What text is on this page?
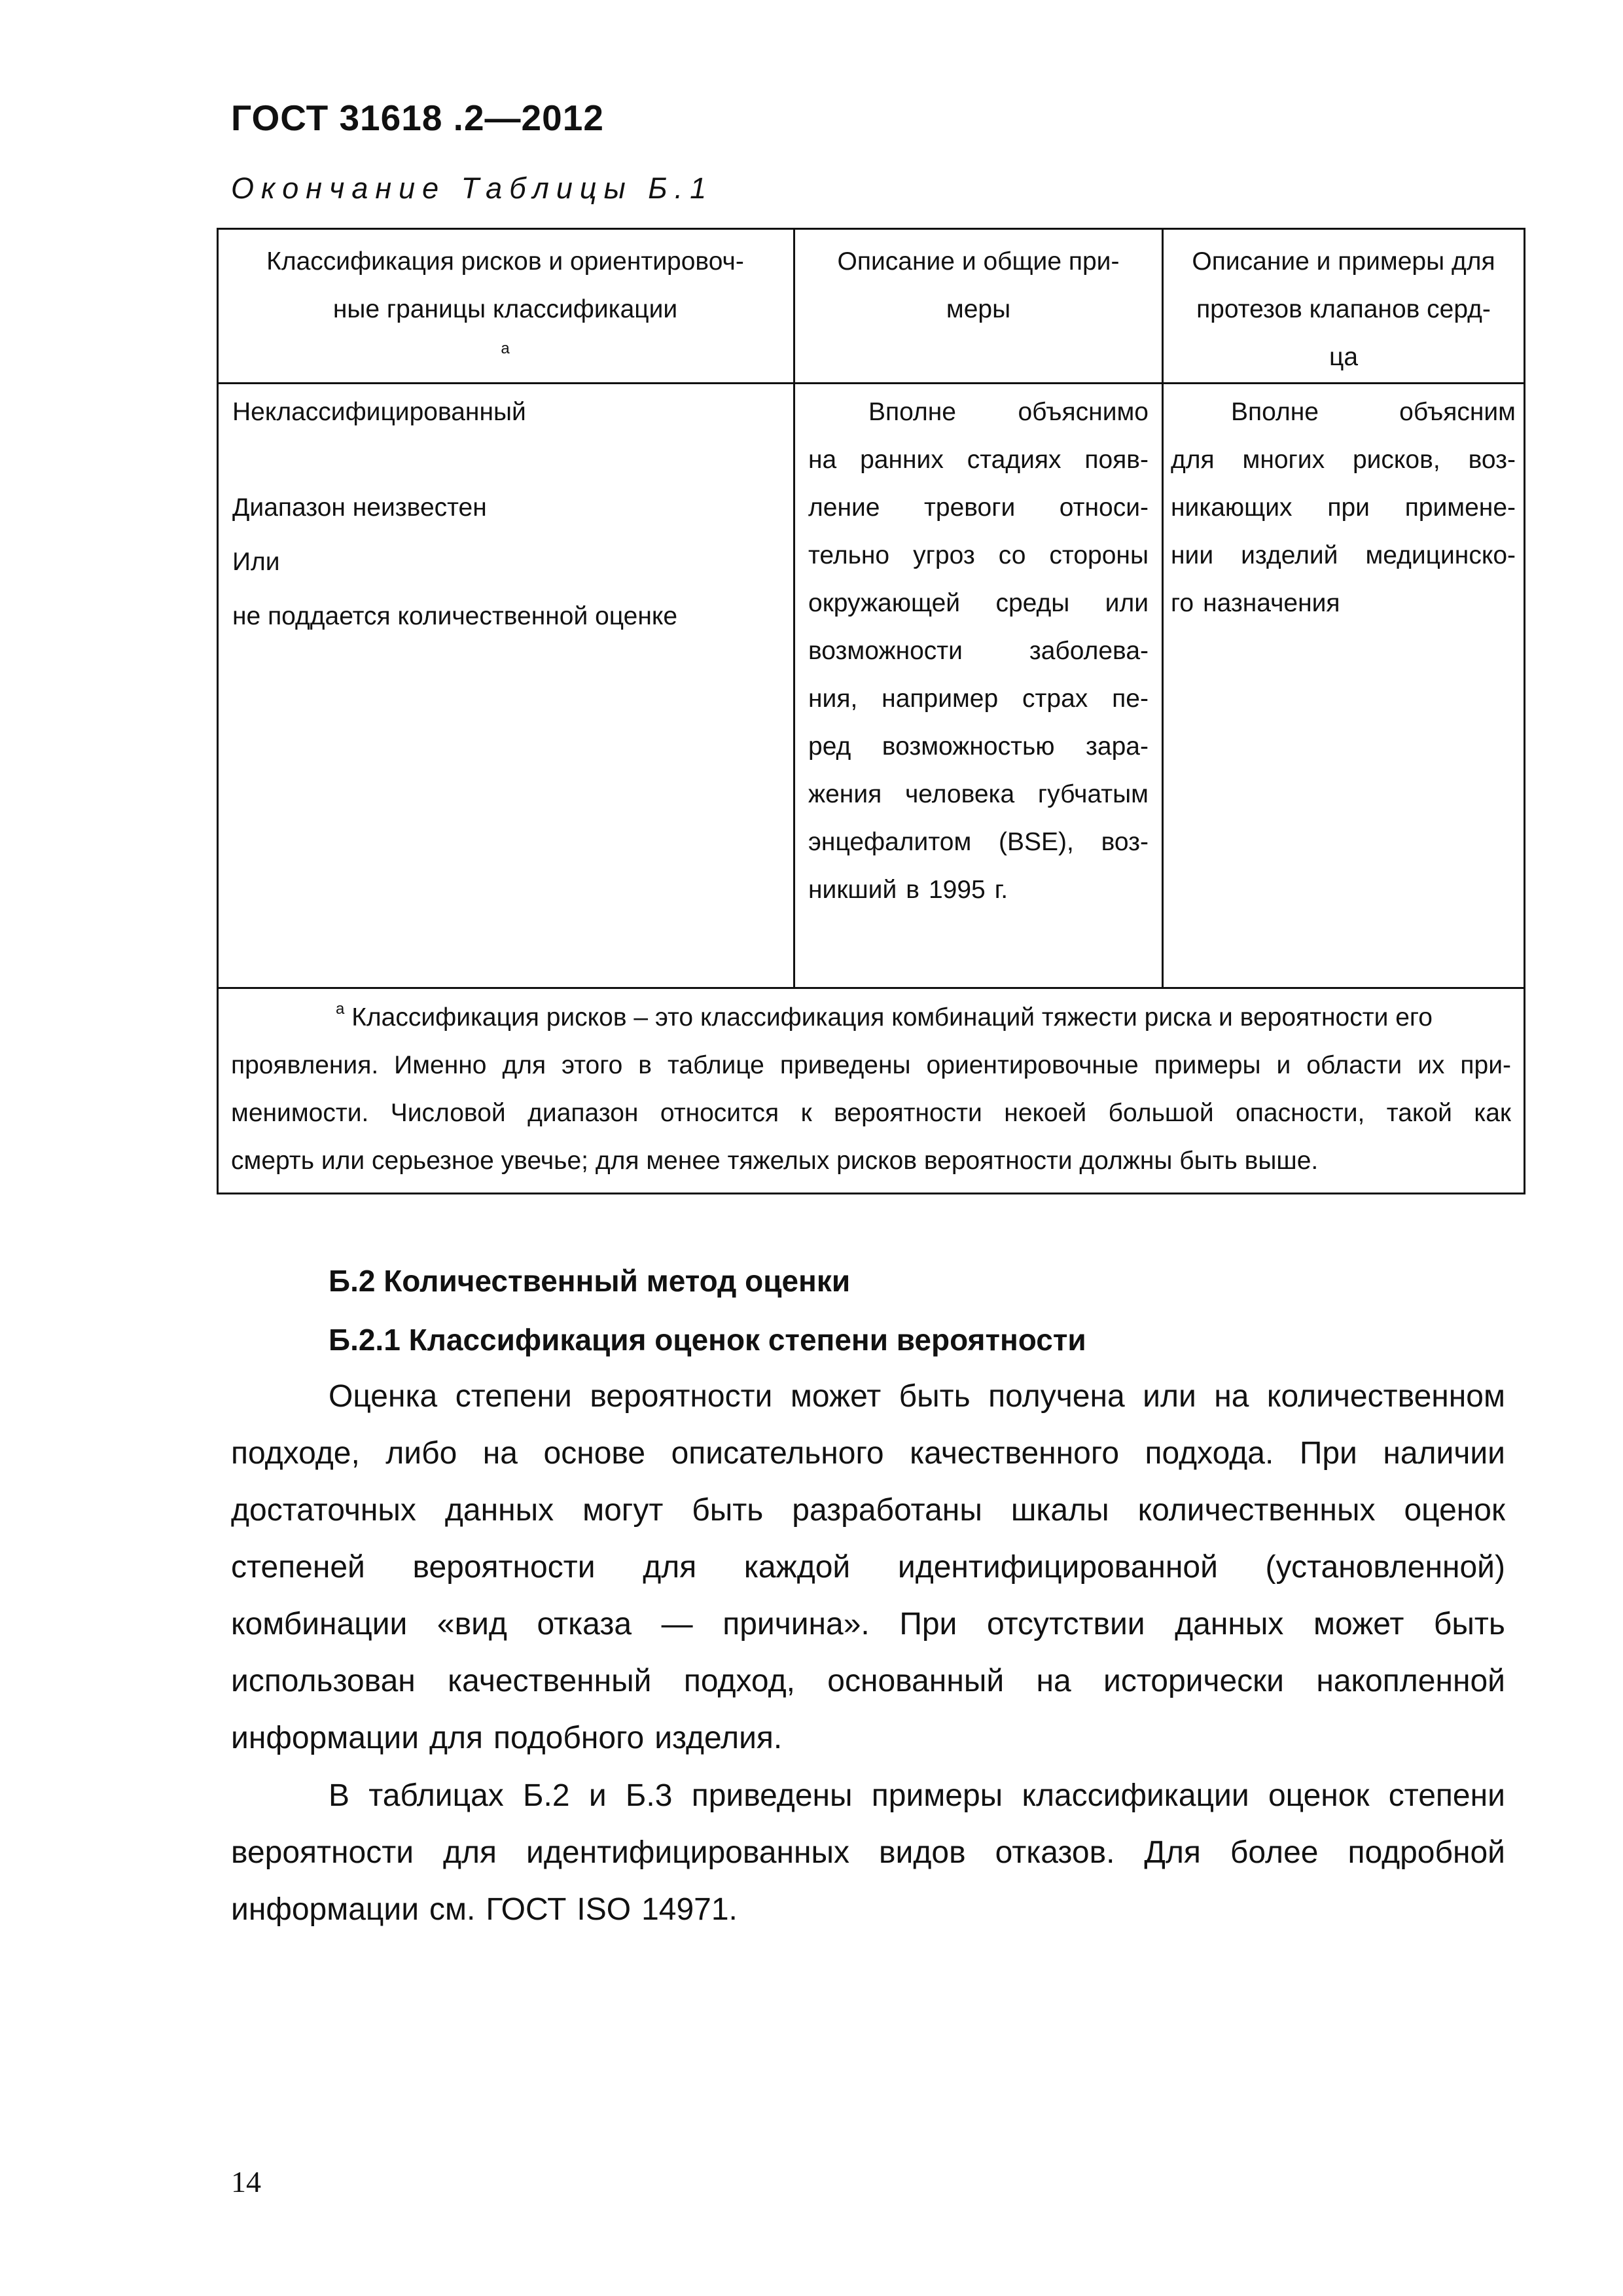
ГОСТ 31618 .2—2012
Окончание Таблицы Б.1
Классификация рисков и ориентировоч-
ные границы классификации
$^а$
Описание и общие при-
меры
Описание и примеры для
протезов клапанов серд-
ца
Неклассифицированный
Диапазон неизвестен
Или
не поддается количественной оценке
Вполне объяснимо
на ранних стадиях появ-
ление тревоги относи-
тельно угроз со стороны
окружающей среды или
возможности	заболева-
ния, например страх пе-
ред возможностью зара-
жения человека губчатым
энцефалитом (BSE), воз-
никший в 1995 г.
Вполне	объясним
для многих рисков, воз-
никающих при примене-
нии изделий медицинско-
го назначения
$^а$ Классификация рисков – это классификация комбинаций тяжести риска и вероятности его
проявления. Именно для этого в таблице приведены ориентировочные примеры и области их при-
менимости. Числовой диапазон относится к вероятности некоей большой опасности, такой как
смерть или серьезное увечье; для менее тяжелых рисков вероятности должны быть выше.
Б.2 Количественный метод оценки
Б.2.1 Классификация оценок степени вероятности
Оценка степени вероятности может быть получена или на количественном
подходе, либо на основе описательного качественного подхода. При наличии
достаточных данных могут быть разработаны шкалы количественных оценок
степеней вероятности для каждой идентифицированной (установленной)
комбинации «вид отказа — причина». При отсутствии данных может быть
использован качественный подход, основанный на исторически накопленной
информации для подобного изделия.
В таблицах Б.2 и Б.3 приведены примеры классификации оценок степени
вероятности для идентифицированных видов отказов. Для более подробной
информации см. ГОСТ ISO 14971.
14
